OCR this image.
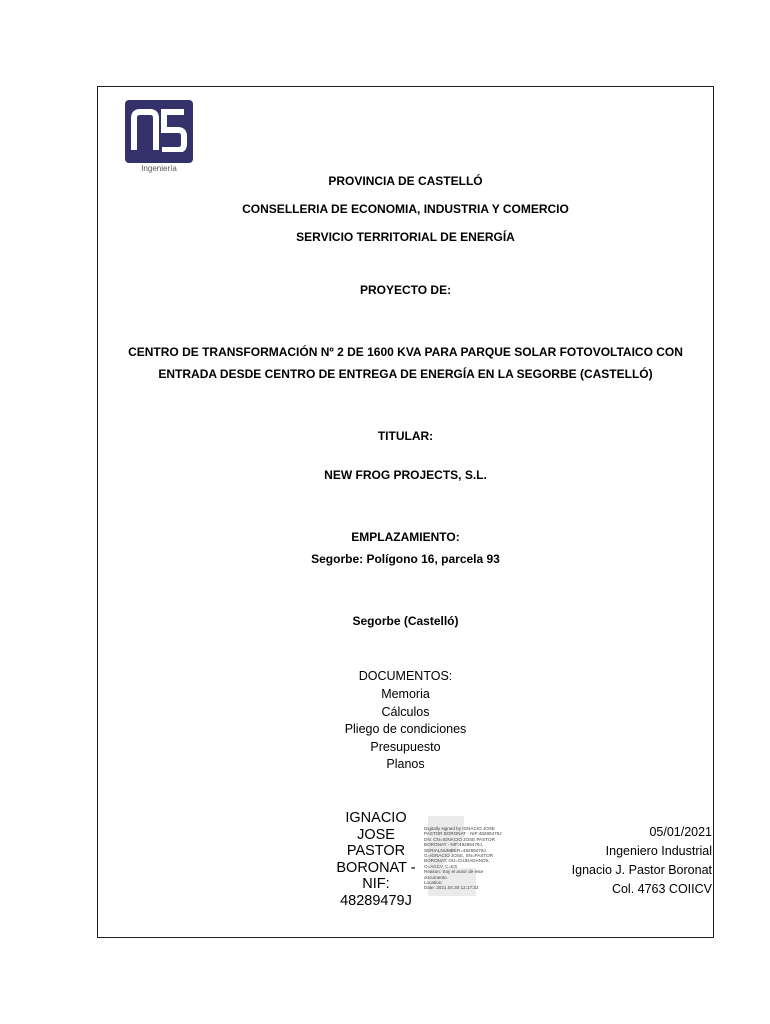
Ingeniería
PROVINCIA DE CASTELLÓ
CONSELLERIA DE ECONOMIA, INDUSTRIA Y COMERCIO
SERVICIO TERRITORIAL DE ENERGÍA
PROYECTO DE:
CENTRO DE TRANSFORMACIÓN Nº 2 DE 1600 KVA PARA PARQUE SOLAR FOTOVOLTAICO CON
ENTRADA DESDE CENTRO DE ENTREGA DE ENERGÍA EN LA SEGORBE (CASTELLÓ)
TITULAR:
NEW FROG PROJECTS, S.L.
EMPLAZAMIENTO:
Segorbe: Polígono 16, parcela 93
Segorbe (Castelló)
DOCUMENTOS:
Memoria
Cálculos
Pliego de condiciones
Presupuesto
Planos
IGNACIO
JOSE
PASTOR
BORONAT -
NIF:
48289479J
Digitally signed by IGNACIO JOSE
PASTOR BORONAT - NIF:48289479J
DN: CN=IGNACIO JOSE PASTOR
BORONAT - NIF:48289479J,
SERIALNUMBER=48289479J,
G=IGNACIO JOSE, SN=PASTOR
BORONAT, OU=CIUDADANOS,
O=ACCV, C=ES
Reason: Soy el autor de este
documento
Location:
Date: 2021.04.30 12:17:32
05/01/2021
Ingeniero Industrial
Ignacio J. Pastor Boronat
Col. 4763 COIICV
